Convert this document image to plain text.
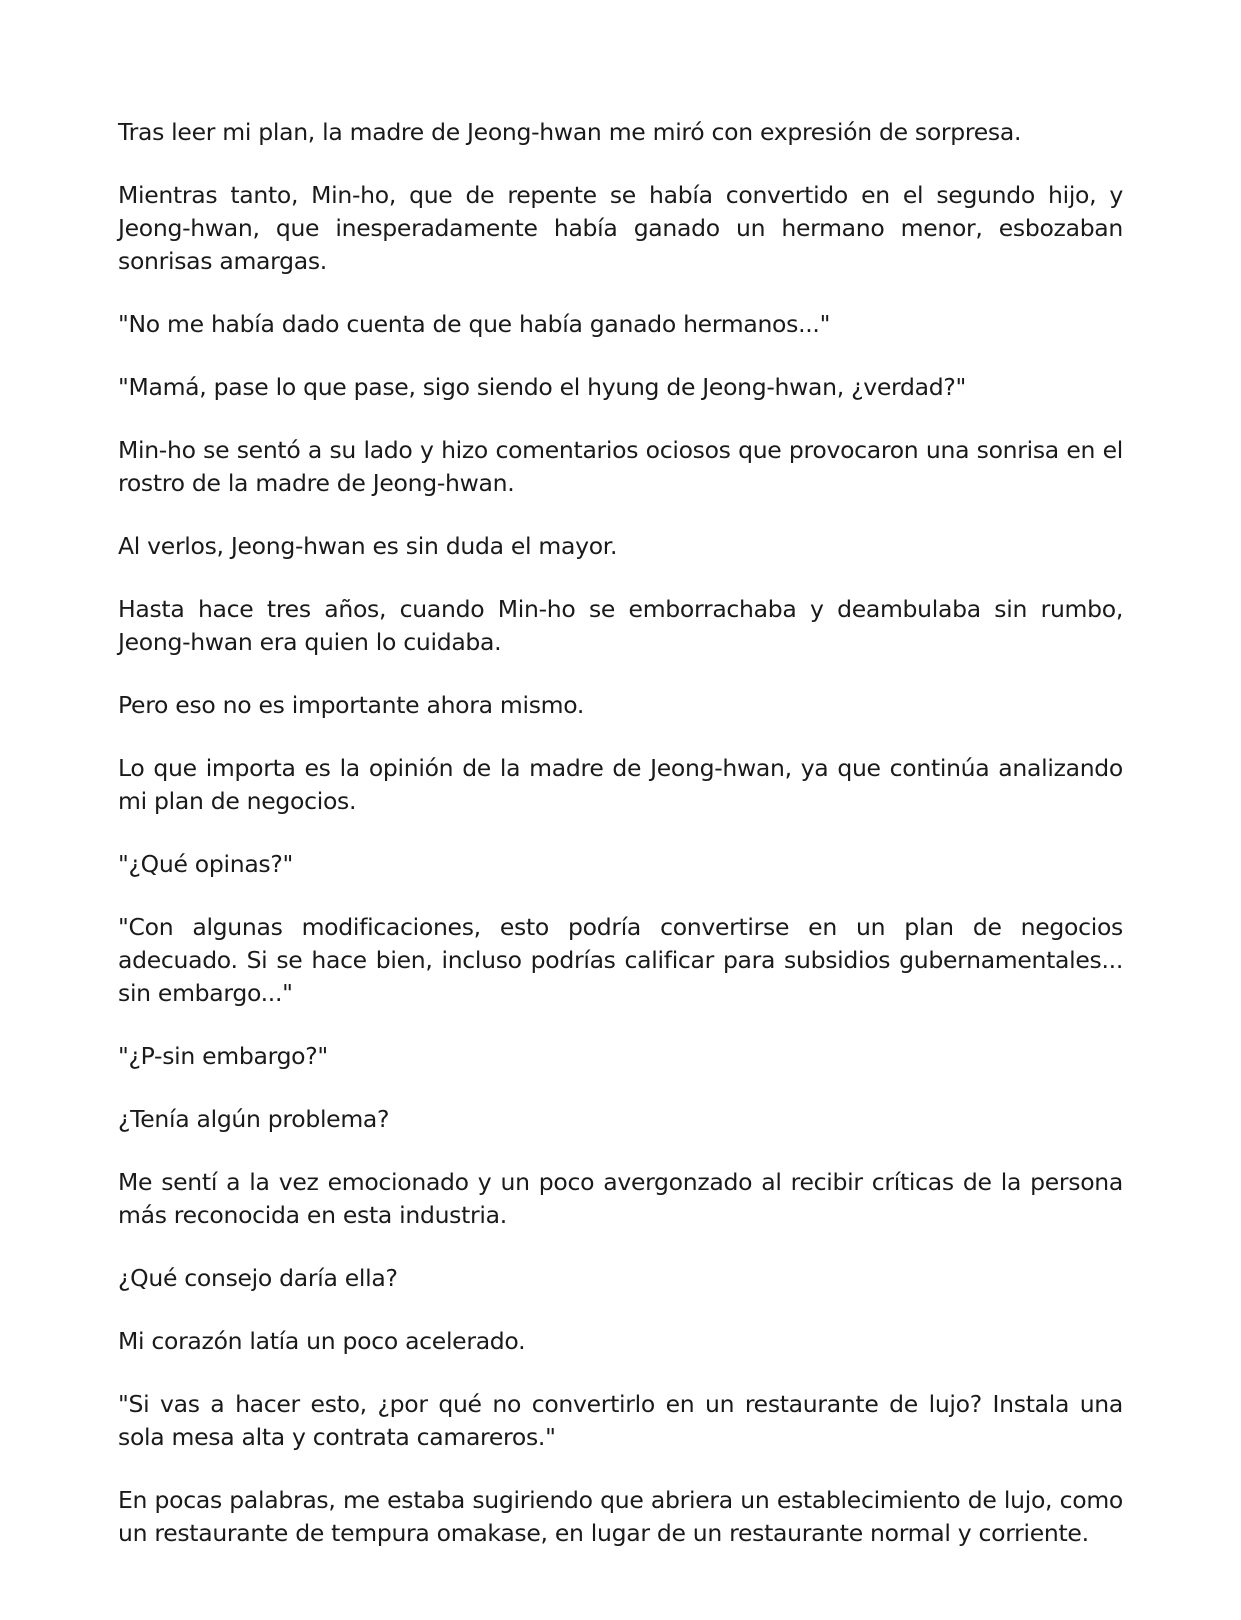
Tras leer mi plan, la madre de Jeong-hwan me miró con expresión de sorpresa.

Mientras tanto, Min-ho, que de repente se había convertido en el segundo hijo, y Jeong-hwan, que inesperadamente había ganado un hermano menor, esbozaban sonrisas amargas.

"No me había dado cuenta de que había ganado hermanos..."

"Mamá, pase lo que pase, sigo siendo el hyung de Jeong-hwan, ¿verdad?"

Min-ho se sentó a su lado y hizo comentarios ociosos que provocaron una sonrisa en el rostro de la madre de Jeong-hwan.

Al verlos, Jeong-hwan es sin duda el mayor.

Hasta hace tres años, cuando Min-ho se emborrachaba y deambulaba sin rumbo, Jeong-hwan era quien lo cuidaba.

Pero eso no es importante ahora mismo.

Lo que importa es la opinión de la madre de Jeong-hwan, ya que continúa analizando mi plan de negocios.

"¿Qué opinas?"

"Con algunas modificaciones, esto podría convertirse en un plan de negocios adecuado. Si se hace bien, incluso podrías calificar para subsidios gubernamentales... sin embargo..."

"¿P-sin embargo?"

¿Tenía algún problema?

Me sentí a la vez emocionado y un poco avergonzado al recibir críticas de la persona más reconocida en esta industria.

¿Qué consejo daría ella?

Mi corazón latía un poco acelerado.

"Si vas a hacer esto, ¿por qué no convertirlo en un restaurante de lujo? Instala una sola mesa alta y contrata camareros."

En pocas palabras, me estaba sugiriendo que abriera un establecimiento de lujo, como un restaurante de tempura omakase, en lugar de un restaurante normal y corriente.
